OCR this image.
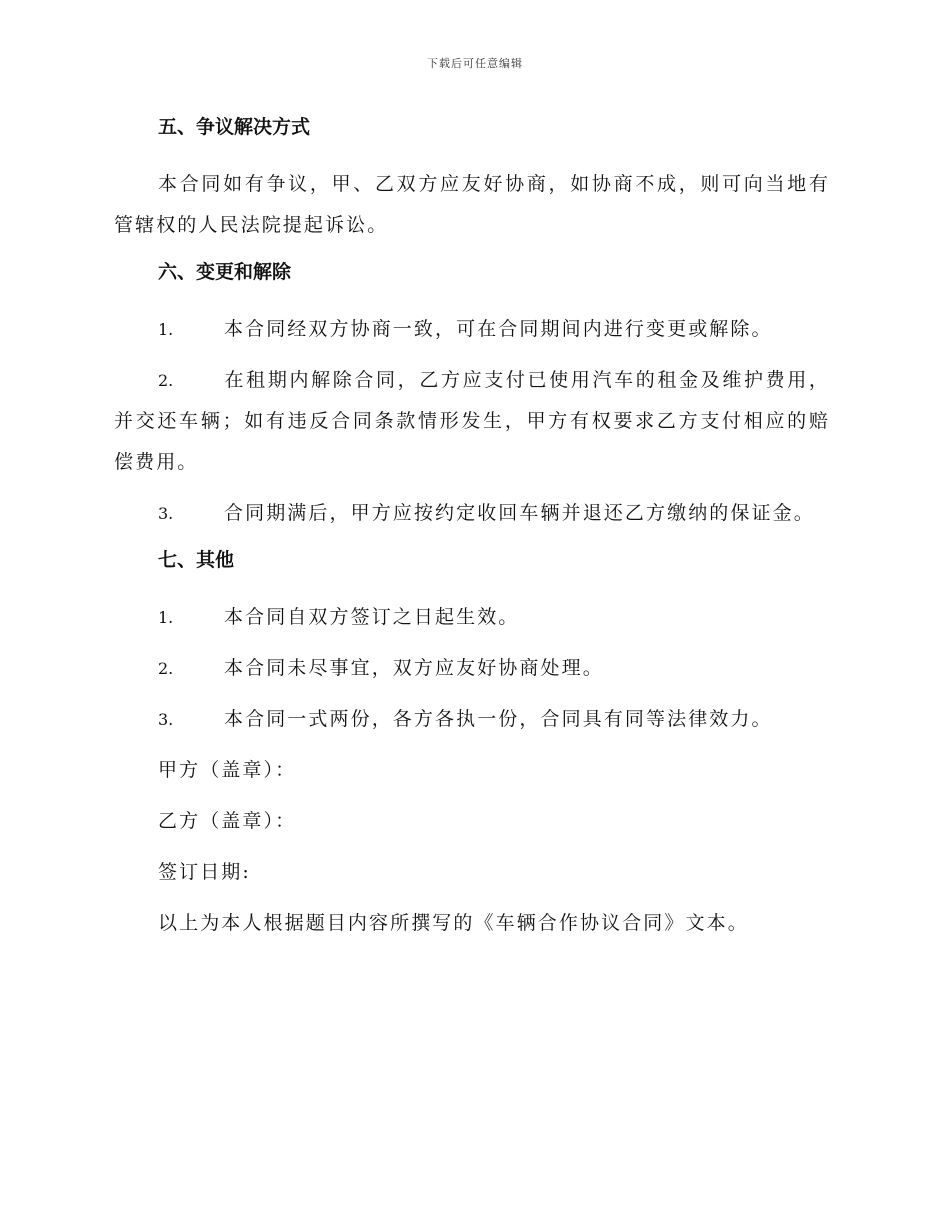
下载后可任意编辑
五、争议解决方式
本合同如有争议，甲、乙双方应友好协商，如协商不成，则可向当地有管辖权的人民法院提起诉讼。
六、变更和解除
1.	本合同经双方协商一致，可在合同期间内进行变更或解除。
2.	在租期内解除合同，乙方应支付已使用汽车的租金及维护费用，并交还车辆；如有违反合同条款情形发生，甲方有权要求乙方支付相应的赔偿费用。
3.	合同期满后，甲方应按约定收回车辆并退还乙方缴纳的保证金。
七、其他
1.	本合同自双方签订之日起生效。
2.	本合同未尽事宜，双方应友好协商处理。
3.	本合同一式两份，各方各执一份，合同具有同等法律效力。
甲方（盖章）：
乙方（盖章）：
签订日期:
以上为本人根据题目内容所撰写的《车辆合作协议合同》文本。
